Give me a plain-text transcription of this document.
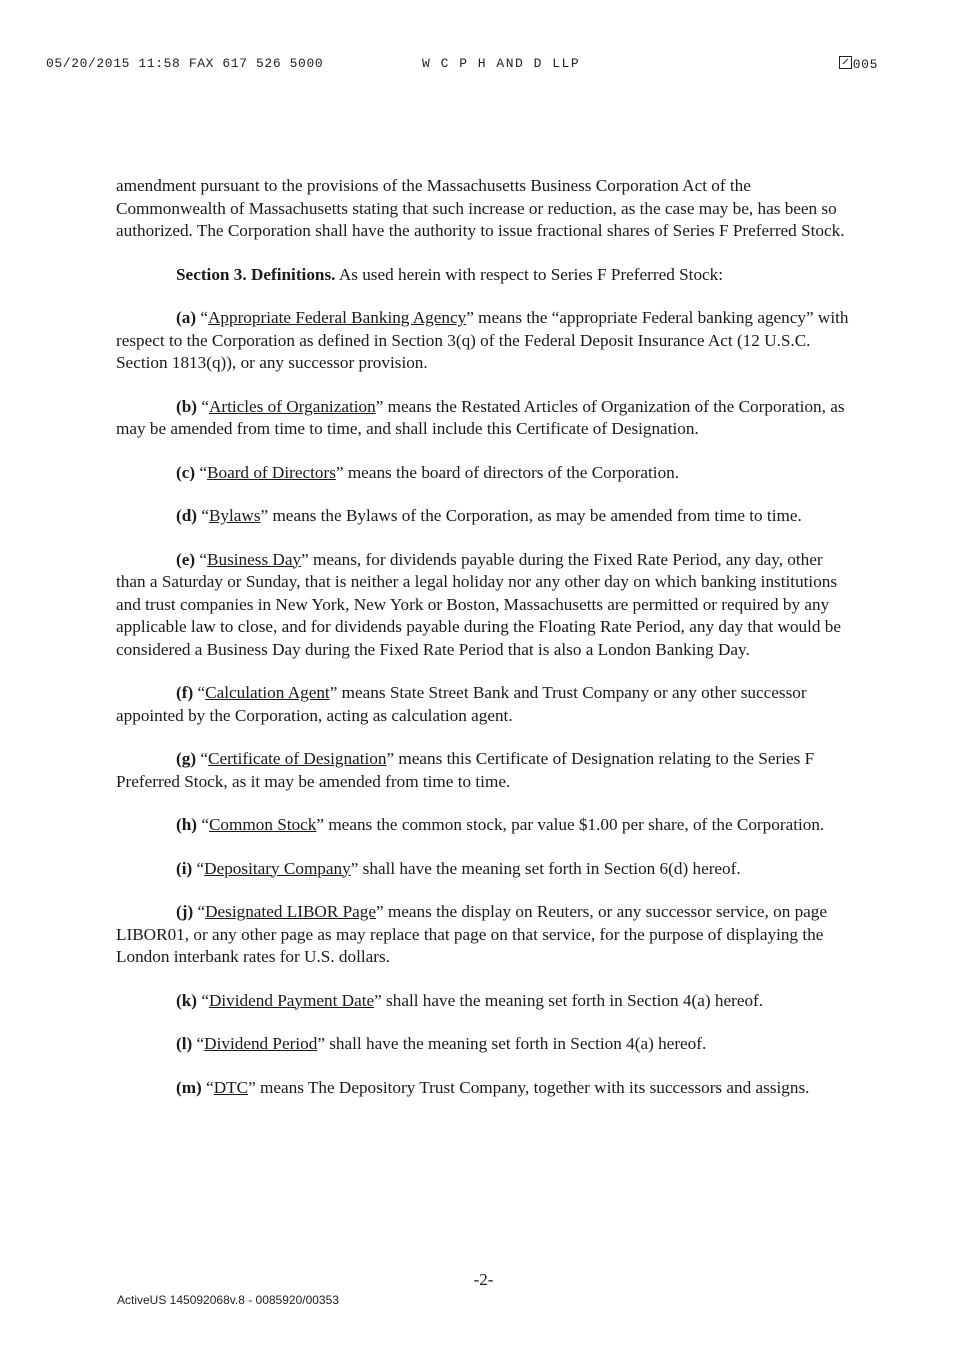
05/20/2015 11:58 FAX 617 526 5000	W C P H AND D LLP	005

amendment pursuant to the provisions of the Massachusetts Business Corporation Act of the Commonwealth of Massachusetts stating that such increase or reduction, as the case may be, has been so authorized. The Corporation shall have the authority to issue fractional shares of Series F Preferred Stock.

Section 3. Definitions. As used herein with respect to Series F Preferred Stock:

(a) “Appropriate Federal Banking Agency” means the “appropriate Federal banking agency” with respect to the Corporation as defined in Section 3(q) of the Federal Deposit Insurance Act (12 U.S.C. Section 1813(q)), or any successor provision.

(b) “Articles of Organization” means the Restated Articles of Organization of the Corporation, as may be amended from time to time, and shall include this Certificate of Designation.

(c) “Board of Directors” means the board of directors of the Corporation.

(d) “Bylaws” means the Bylaws of the Corporation, as may be amended from time to time.

(e) “Business Day” means, for dividends payable during the Fixed Rate Period, any day, other than a Saturday or Sunday, that is neither a legal holiday nor any other day on which banking institutions and trust companies in New York, New York or Boston, Massachusetts are permitted or required by any applicable law to close, and for dividends payable during the Floating Rate Period, any day that would be considered a Business Day during the Fixed Rate Period that is also a London Banking Day.

(f) “Calculation Agent” means State Street Bank and Trust Company or any other successor appointed by the Corporation, acting as calculation agent.

(g) “Certificate of Designation” means this Certificate of Designation relating to the Series F Preferred Stock, as it may be amended from time to time.

(h) “Common Stock” means the common stock, par value $1.00 per share, of the Corporation.

(i) “Depositary Company” shall have the meaning set forth in Section 6(d) hereof.

(j) “Designated LIBOR Page” means the display on Reuters, or any successor service, on page LIBOR01, or any other page as may replace that page on that service, for the purpose of displaying the London interbank rates for U.S. dollars.

(k) “Dividend Payment Date” shall have the meaning set forth in Section 4(a) hereof.

(l) “Dividend Period” shall have the meaning set forth in Section 4(a) hereof.

(m) “DTC” means The Depository Trust Company, together with its successors and assigns.

-2-
ActiveUS 145092068v.8 - 0085920/00353
